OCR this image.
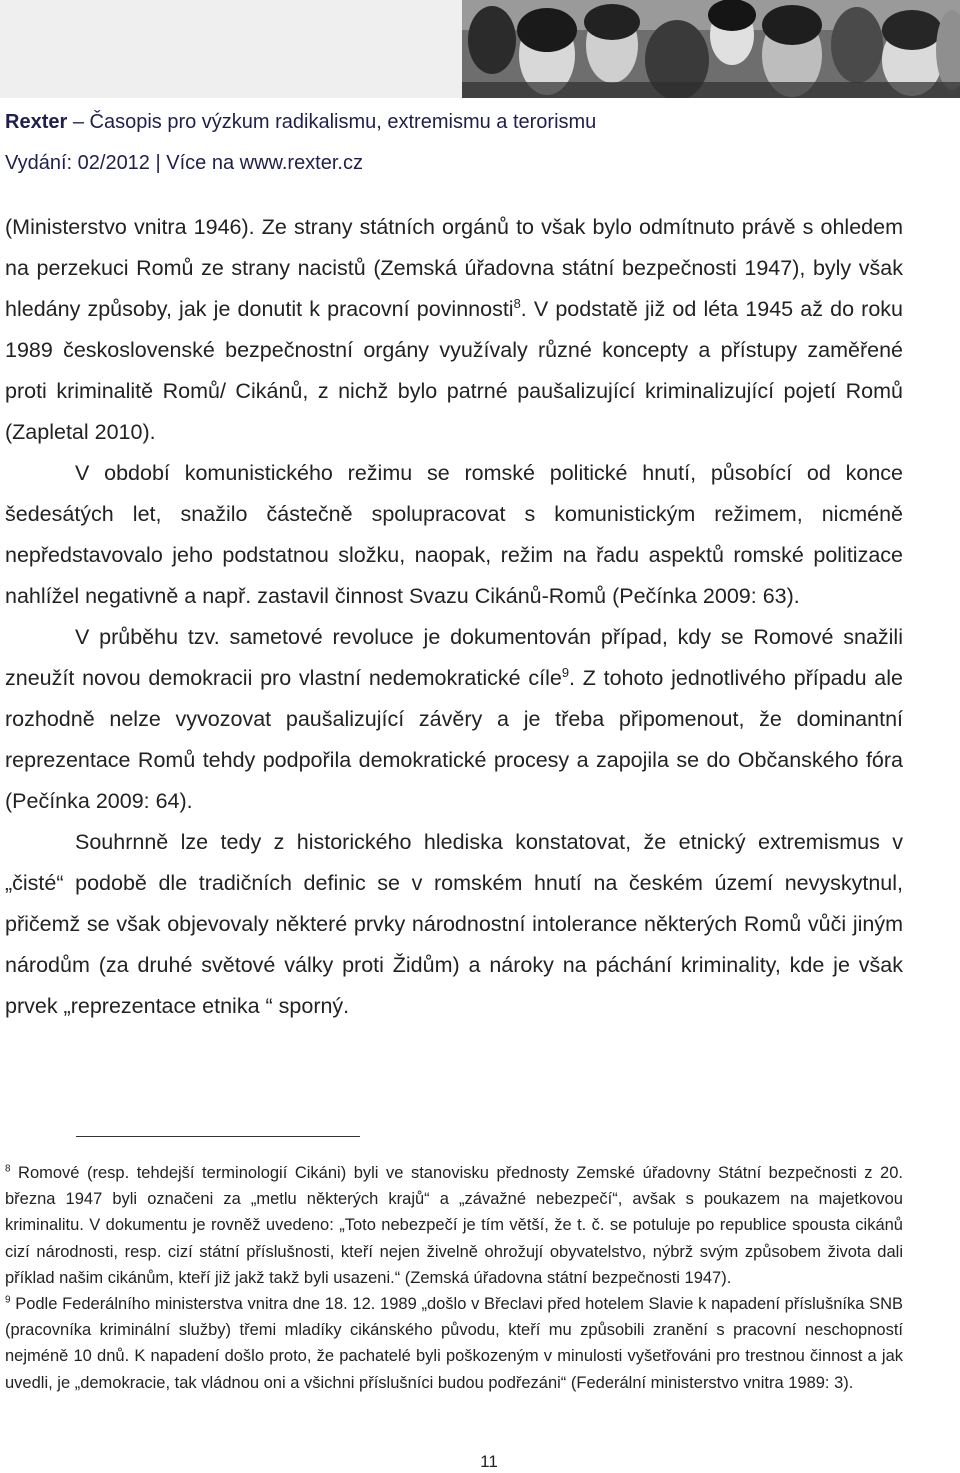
Rexter – Časopis pro výzkum radikalismu, extremismu a terorismu
Vydání: 02/2012 | Více na www.rexter.cz

(Ministerstvo vnitra 1946). Ze strany státních orgánů to však bylo odmítnuto právě s ohledem na perzekuci Romů ze strany nacistů (Zemská úřadovna státní bezpečnosti 1947), byly však hledány způsoby, jak je donutit k pracovní povinnosti$^8$. V podstatě již od léta 1945 až do roku 1989 československé bezpečnostní orgány využívaly různé koncepty a přístupy zaměřené proti kriminalitě Romů/ Cikánů, z nichž bylo patrné paušalizující kriminalizující pojetí Romů (Zapletal 2010).

V období komunistického režimu se romské politické hnutí, působící od konce šedesátých let, snažilo částečně spolupracovat s komunistickým režimem, nicméně nepředstavovalo jeho podstatnou složku, naopak, režim na řadu aspektů romské politizace nahlížel negativně a např. zastavil činnost Svazu Cikánů-Romů (Pečínka 2009: 63).

V průběhu tzv. sametové revoluce je dokumentován případ, kdy se Romové snažili zneužít novou demokracii pro vlastní nedemokratické cíle$^9$. Z tohoto jednotlivého případu ale rozhodně nelze vyvozovat paušalizující závěry a je třeba připomenout, že dominantní reprezentace Romů tehdy podpořila demokratické procesy a zapojila se do Občanského fóra (Pečínka 2009: 64).

Souhrnně lze tedy z historického hlediska konstatovat, že etnický extremismus v „čisté“ podobě dle tradičních definic se v romském hnutí na českém území nevyskytnul, přičemž se však objevovaly některé prvky národnostní intolerance některých Romů vůči jiným národům (za druhé světové války proti Židům) a nároky na páchání kriminality, kde je však prvek „reprezentace etnika “ sporný.

$^8$ Romové (resp. tehdejší terminologií Cikáni) byli ve stanovisku přednosty Zemské úřadovny Státní bezpečnosti z 20. března 1947 byli označeni za „metlu některých krajů“ a „závažné nebezpečí“, avšak s poukazem na majetkovou kriminalitu. V dokumentu je rovněž uvedeno: „Toto nebezpečí je tím větší, že t. č. se potuluje po republice spousta cikánů cizí národnosti, resp. cizí státní příslušnosti, kteří nejen živelně ohrožují obyvatelstvo, nýbrž svým způsobem života dali příklad našim cikánům, kteří již jakž takž byli usazeni.“ (Zemská úřadovna státní bezpečnosti 1947).

$^9$ Podle Federálního ministerstva vnitra dne 18. 12. 1989 „došlo v Břeclavi před hotelem Slavie k napadení příslušníka SNB (pracovníka kriminální služby) třemi mladíky cikánského původu, kteří mu způsobili zranění s pracovní neschopností nejméně 10 dnů. K napadení došlo proto, že pachatelé byli poškozeným v minulosti vyšetřováni pro trestnou činnost a jak uvedli, je „demokracie, tak vládnou oni a všichni příslušníci budou podřezáni“ (Federální ministerstvo vnitra 1989: 3).

11
